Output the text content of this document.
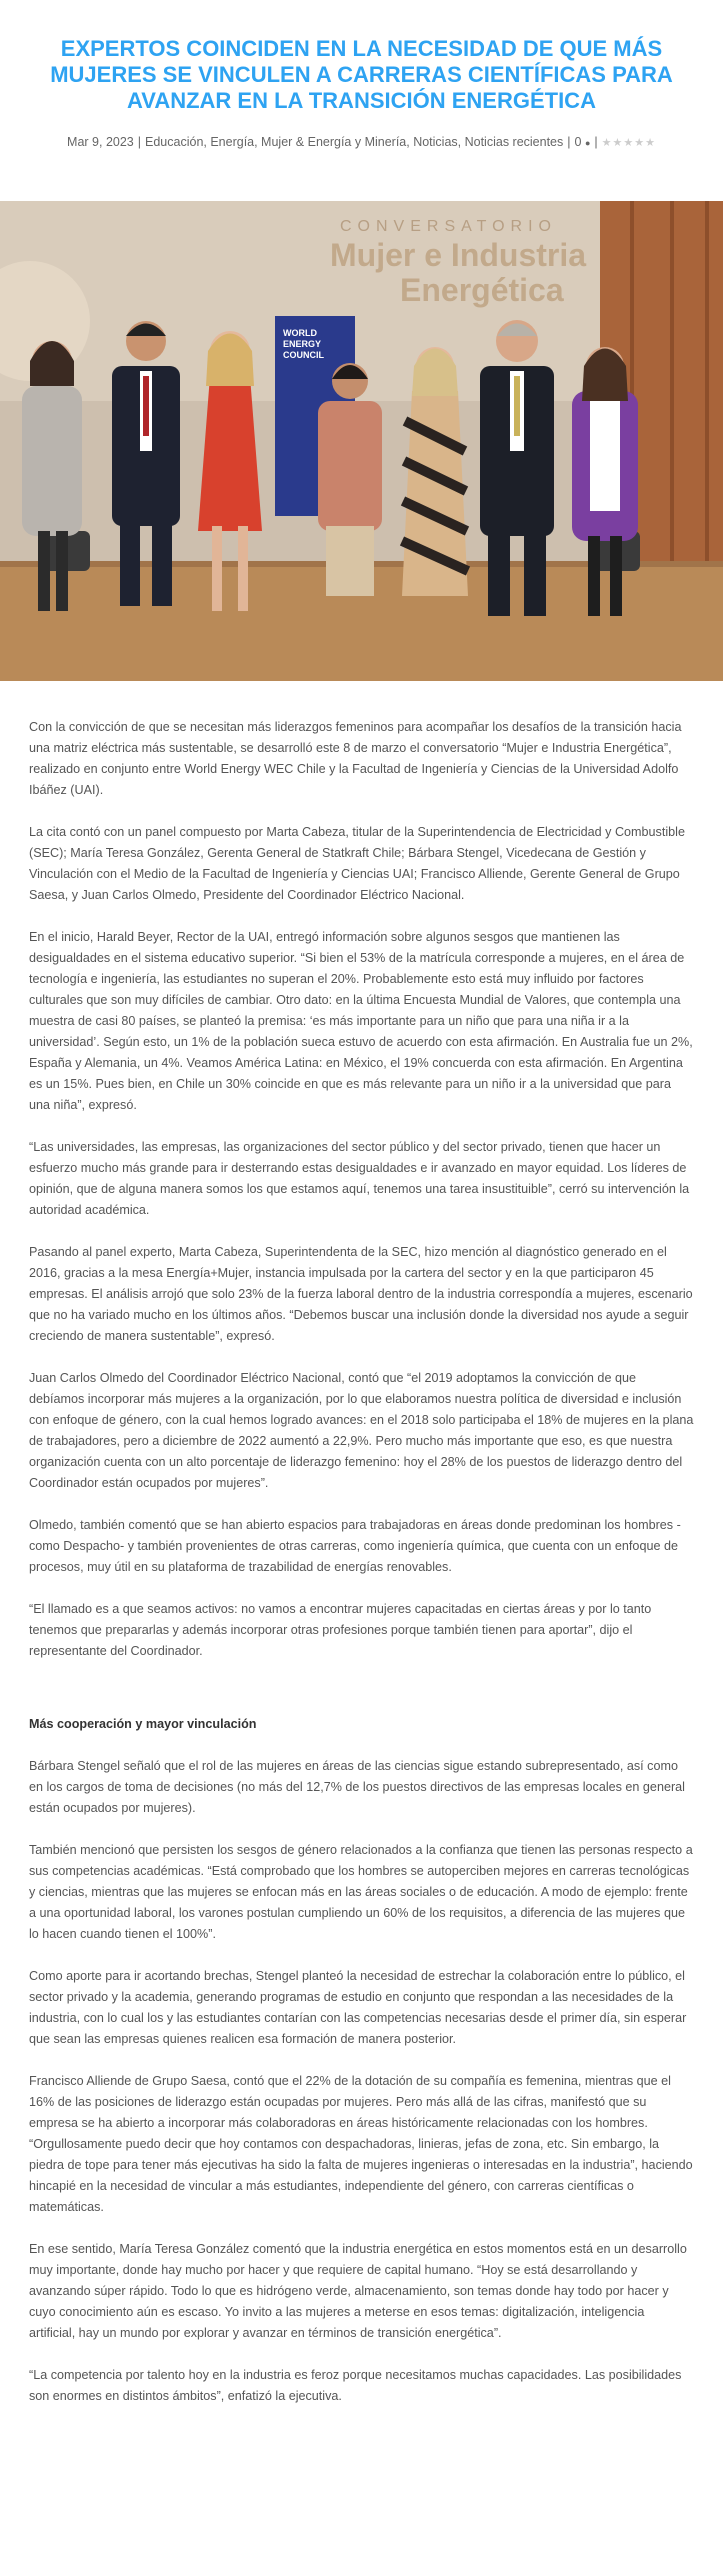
EXPERTOS COINCIDEN EN LA NECESIDAD DE QUE MÁS MUJERES SE VINCULEN A CARRERAS CIENTÍFICAS PARA AVANZAR EN LA TRANSICIÓN ENERGÉTICA
Mar 9, 2023 | Educación, Energía, Mujer & Energía y Minería, Noticias, Noticias recientes | 0 ● | ★★★★★
CONVERSATORIO
Mujer e Industria
Energética
WORLD
ENERGY
COUNCIL

Con la convicción de que se necesitan más liderazgos femeninos para acompañar los desafíos de la transición hacia una matriz eléctrica más sustentable, se desarrolló este 8 de marzo el conversatorio “Mujer e Industria Energética”, realizado en conjunto entre World Energy WEC Chile y la Facultad de Ingeniería y Ciencias de la Universidad Adolfo Ibáñez (UAI).

La cita contó con un panel compuesto por Marta Cabeza, titular de la Superintendencia de Electricidad y Combustible (SEC); María Teresa González, Gerenta General de Statkraft Chile; Bárbara Stengel, Vicedecana de Gestión y Vinculación con el Medio de la Facultad de Ingeniería y Ciencias UAI; Francisco Alliende, Gerente General de Grupo Saesa, y Juan Carlos Olmedo, Presidente del Coordinador Eléctrico Nacional.

En el inicio, Harald Beyer, Rector de la UAI, entregó información sobre algunos sesgos que mantienen las desigualdades en el sistema educativo superior. “Si bien el 53% de la matrícula corresponde a mujeres, en el área de tecnología e ingeniería, las estudiantes no superan el 20%. Probablemente esto está muy influido por factores culturales que son muy difíciles de cambiar. Otro dato: en la última Encuesta Mundial de Valores, que contempla una muestra de casi 80 países, se planteó la premisa: ‘es más importante para un niño que para una niña ir a la universidad’. Según esto, un 1% de la población sueca estuvo de acuerdo con esta afirmación. En Australia fue un 2%, España y Alemania, un 4%. Veamos América Latina: en México, el 19% concuerda con esta afirmación. En Argentina es un 15%. Pues bien, en Chile un 30% coincide en que es más relevante para un niño ir a la universidad que para una niña”, expresó.

“Las universidades, las empresas, las organizaciones del sector público y del sector privado, tienen que hacer un esfuerzo mucho más grande para ir desterrando estas desigualdades e ir avanzado en mayor equidad. Los líderes de opinión, que de alguna manera somos los que estamos aquí, tenemos una tarea insustituible”, cerró su intervención la autoridad académica.

Pasando al panel experto, Marta Cabeza, Superintendenta de la SEC, hizo mención al diagnóstico generado en el 2016, gracias a la mesa Energía+Mujer, instancia impulsada por la cartera del sector y en la que participaron 45 empresas. El análisis arrojó que solo 23% de la fuerza laboral dentro de la industria correspondía a mujeres, escenario que no ha variado mucho en los últimos años. “Debemos buscar una inclusión donde la diversidad nos ayude a seguir creciendo de manera sustentable”, expresó.

Juan Carlos Olmedo del Coordinador Eléctrico Nacional, contó que “el 2019 adoptamos la convicción de que debíamos incorporar más mujeres a la organización, por lo que elaboramos nuestra política de diversidad e inclusión con enfoque de género, con la cual hemos logrado avances: en el 2018 solo participaba el 18% de mujeres en la plana de trabajadores, pero a diciembre de 2022 aumentó a 22,9%. Pero mucho más importante que eso, es que nuestra organización cuenta con un alto porcentaje de liderazgo femenino: hoy el 28% de los puestos de liderazgo dentro del Coordinador están ocupados por mujeres”.

Olmedo, también comentó que se han abierto espacios para trabajadoras en áreas donde predominan los hombres -como Despacho- y también provenientes de otras carreras, como ingeniería química, que cuenta con un enfoque de procesos, muy útil en su plataforma de trazabilidad de energías renovables.

“El llamado es a que seamos activos: no vamos a encontrar mujeres capacitadas en ciertas áreas y por lo tanto tenemos que prepararlas y además incorporar otras profesiones porque también tienen para aportar”, dijo el representante del Coordinador.

Más cooperación y mayor vinculación

Bárbara Stengel señaló que el rol de las mujeres en áreas de las ciencias sigue estando subrepresentado, así como en los cargos de toma de decisiones (no más del 12,7% de los puestos directivos de las empresas locales en general están ocupados por mujeres).

También mencionó que persisten los sesgos de género relacionados a la confianza que tienen las personas respecto a sus competencias académicas. “Está comprobado que los hombres se autoperciben mejores en carreras tecnológicas y ciencias, mientras que las mujeres se enfocan más en las áreas sociales o de educación. A modo de ejemplo: frente a una oportunidad laboral, los varones postulan cumpliendo un 60% de los requisitos, a diferencia de las mujeres que lo hacen cuando tienen el 100%”.

Como aporte para ir acortando brechas, Stengel planteó la necesidad de estrechar la colaboración entre lo público, el sector privado y la academia, generando programas de estudio en conjunto que respondan a las necesidades de la industria, con lo cual los y las estudiantes contarían con las competencias necesarias desde el primer día, sin esperar que sean las empresas quienes realicen esa formación de manera posterior.

Francisco Alliende de Grupo Saesa, contó que el 22% de la dotación de su compañía es femenina, mientras que el 16% de las posiciones de liderazgo están ocupadas por mujeres. Pero más allá de las cifras, manifestó que su empresa se ha abierto a incorporar más colaboradoras en áreas históricamente relacionadas con los hombres. “Orgullosamente puedo decir que hoy contamos con despachadoras, linieras, jefas de zona, etc. Sin embargo, la piedra de tope para tener más ejecutivas ha sido la falta de mujeres ingenieras o interesadas en la industria”, haciendo hincapié en la necesidad de vincular a más estudiantes, independiente del género, con carreras científicas o matemáticas.

En ese sentido, María Teresa González comentó que la industria energética en estos momentos está en un desarrollo muy importante, donde hay mucho por hacer y que requiere de capital humano. “Hoy se está desarrollando y avanzando súper rápido. Todo lo que es hidrógeno verde, almacenamiento, son temas donde hay todo por hacer y cuyo conocimiento aún es escaso. Yo invito a las mujeres a meterse en esos temas: digitalización, inteligencia artificial, hay un mundo por explorar y avanzar en términos de transición energética”.

“La competencia por talento hoy en la industria es feroz porque necesitamos muchas capacidades. Las posibilidades son enormes en distintos ámbitos”, enfatizó la ejecutiva.
